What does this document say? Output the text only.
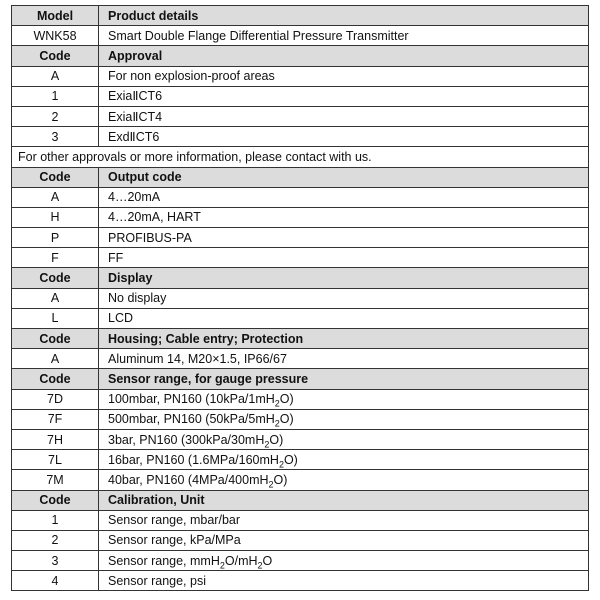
Model	Product details
WNK58	Smart Double Flange Differential Pressure Transmitter
Code	Approval
A	For non explosion-proof areas
1	ExiaⅡCT6
2	ExiaⅡCT4
3	ExdⅡCT6
For other approvals or more information, please contact with us.	
Code	Output code
A	4…20mA
H	4…20mA, HART
P	PROFIBUS-PA
F	FF
Code	Display
A	No display
L	LCD
Code	Housing; Cable entry; Protection
A	Aluminum 14, M20×1.5, IP66/67
Code	Sensor range, for gauge pressure
7D	100mbar, PN160 $(10kPa/1mH_2O)$
7F	500mbar, PN160 $(50kPa/5mH_2O)$
7H	3bar, PN160 $(300kPa/30mH_2O)$
7L	16bar, PN160 $(1.6MPa/160mH_2O)$
7M	40bar, PN160 $(4MPa/400mH_2O)$
Code	Calibration, Unit
1	Sensor range, mbar/bar
2	Sensor range, kPa/MPa
3	Sensor range, $mmH_2O/mH_2O$
4	Sensor range, psi
